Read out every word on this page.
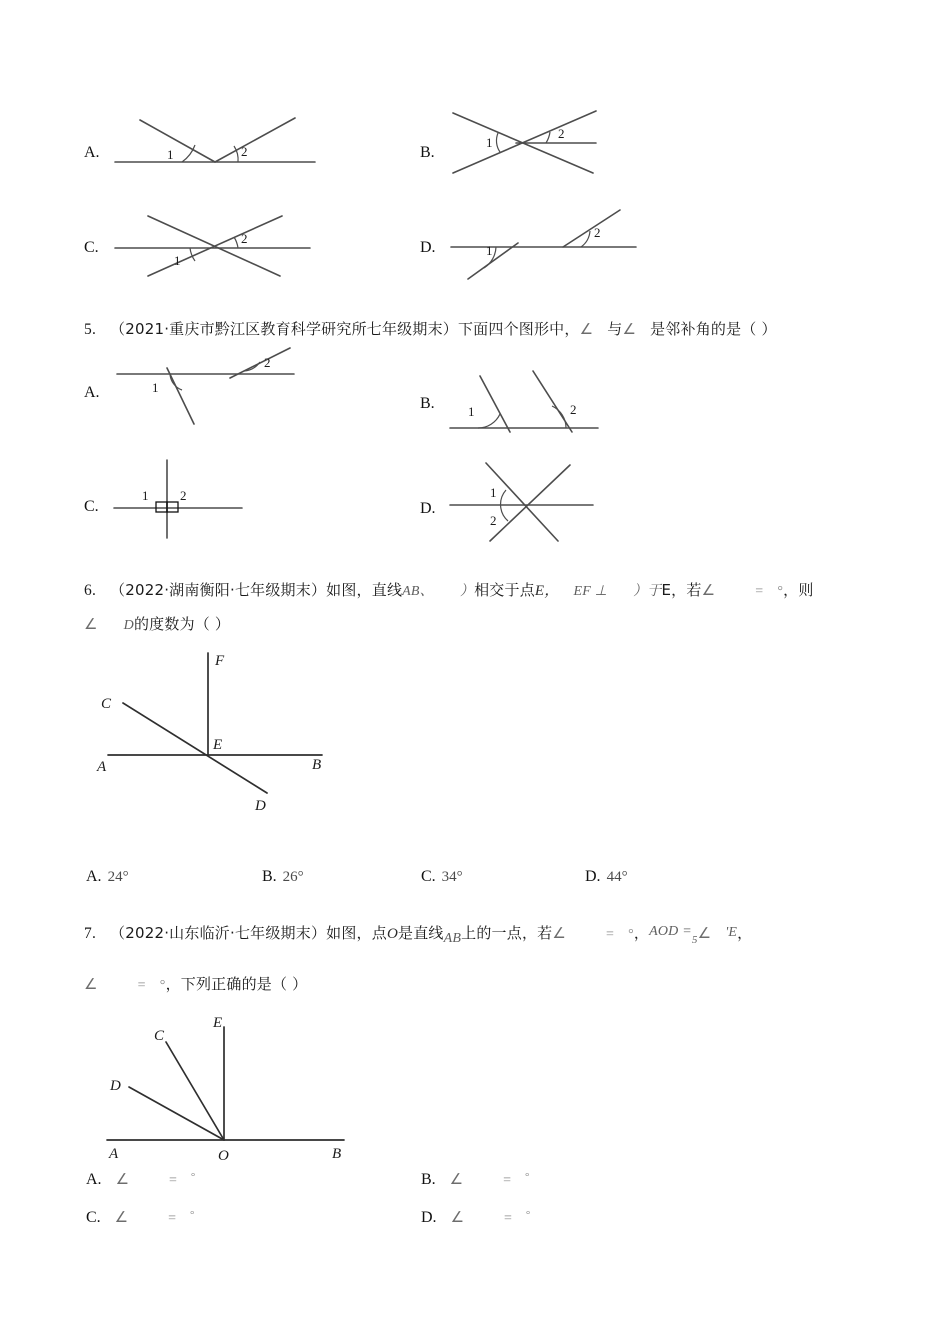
A.	1	2	B.
1
2
C.
1
2
D.	1
2
5. （2021·重庆市黔江区教育科学研究所七年级期末）下面四个图形中，∠ 与∠ 是邻补角的是（ ）
A.	1
2
B.	1	2
C.
1 2
D.
1
2
6. （2022·湖南衡阳·七年级期末）如图，直线AB、 ）相交于点E， EF ⊥ ）于E，若∠	= °，则
∠ D的度数为（ ）
F
C
E
A	B
D
A. 24°	B. 26°	C. 34°	D. 44°
7. （2022·山东临沂·七年级期末）如图，点O是直线AB上的一点，若∠	= °，AOD $=_5\angle$ 'E，
∠	= °，下列正确的是（ ）
E
C
D
A	O	B
A. ∠	= °	B. ∠	= °
C. ∠	= °	D. ∠	= °
